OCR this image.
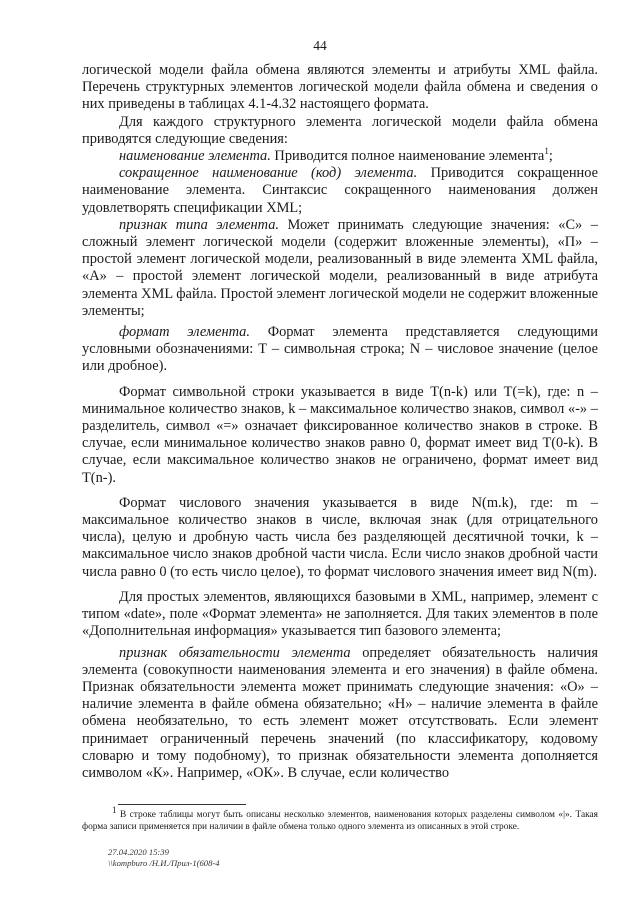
44

логической модели файла обмена являются элементы и атрибуты XML файла. Перечень структурных элементов логической модели файла обмена и сведения о них приведены в таблицах 4.1-4.32 настоящего формата.

Для каждого структурного элемента логической модели файла обмена приводятся следующие сведения:

наименование элемента. Приводится полное наименование элемента$^1$;

сокращенное наименование (код) элемента. Приводится сокращенное наименование элемента. Синтаксис сокращенного наименования должен удовлетворять спецификации XML;

признак типа элемента. Может принимать следующие значения: «С» – сложный элемент логической модели (содержит вложенные элементы), «П» – простой элемент логической модели, реализованный в виде элемента XML файла, «А» – простой элемент логической модели, реализованный в виде атрибута элемента XML файла. Простой элемент логической модели не содержит вложенные элементы;

формат элемента. Формат элемента представляется следующими условными обозначениями: T – символьная строка; N – числовое значение (целое или дробное).

Формат символьной строки указывается в виде T(n-k) или T(=k), где: n – минимальное количество знаков, k – максимальное количество знаков, символ «-» – разделитель, символ «=» означает фиксированное количество знаков в строке. В случае, если минимальное количество знаков равно 0, формат имеет вид T(0-k). В случае, если максимальное количество знаков не ограничено, формат имеет вид T(n-).

Формат числового значения указывается в виде N(m.k), где: m – максимальное количество знаков в числе, включая знак (для отрицательного числа), целую и дробную часть числа без разделяющей десятичной точки, k – максимальное число знаков дробной части числа. Если число знаков дробной части числа равно 0 (то есть число целое), то формат числового значения имеет вид N(m).

Для простых элементов, являющихся базовыми в XML, например, элемент с типом «date», поле «Формат элемента» не заполняется. Для таких элементов в поле «Дополнительная информация» указывается тип базового элемента;

признак обязательности элемента определяет обязательность наличия элемента (совокупности наименования элемента и его значения) в файле обмена. Признак обязательности элемента может принимать следующие значения: «О» – наличие элемента в файле обмена обязательно; «Н» – наличие элемента в файле обмена необязательно, то есть элемент может отсутствовать. Если элемент принимает ограниченный перечень значений (по классификатору, кодовому словарю и тому подобному), то признак обязательности элемента дополняется символом «К». Например, «ОК». В случае, если количество

$^1$ В строке таблицы могут быть описаны несколько элементов, наименования которых разделены символом «|». Такая форма записи применяется при наличии в файле обмена только одного элемента из описанных в этой строке.
27.04.2020 15:39
\\kompburo /Н.И./Прил-1(608-4
